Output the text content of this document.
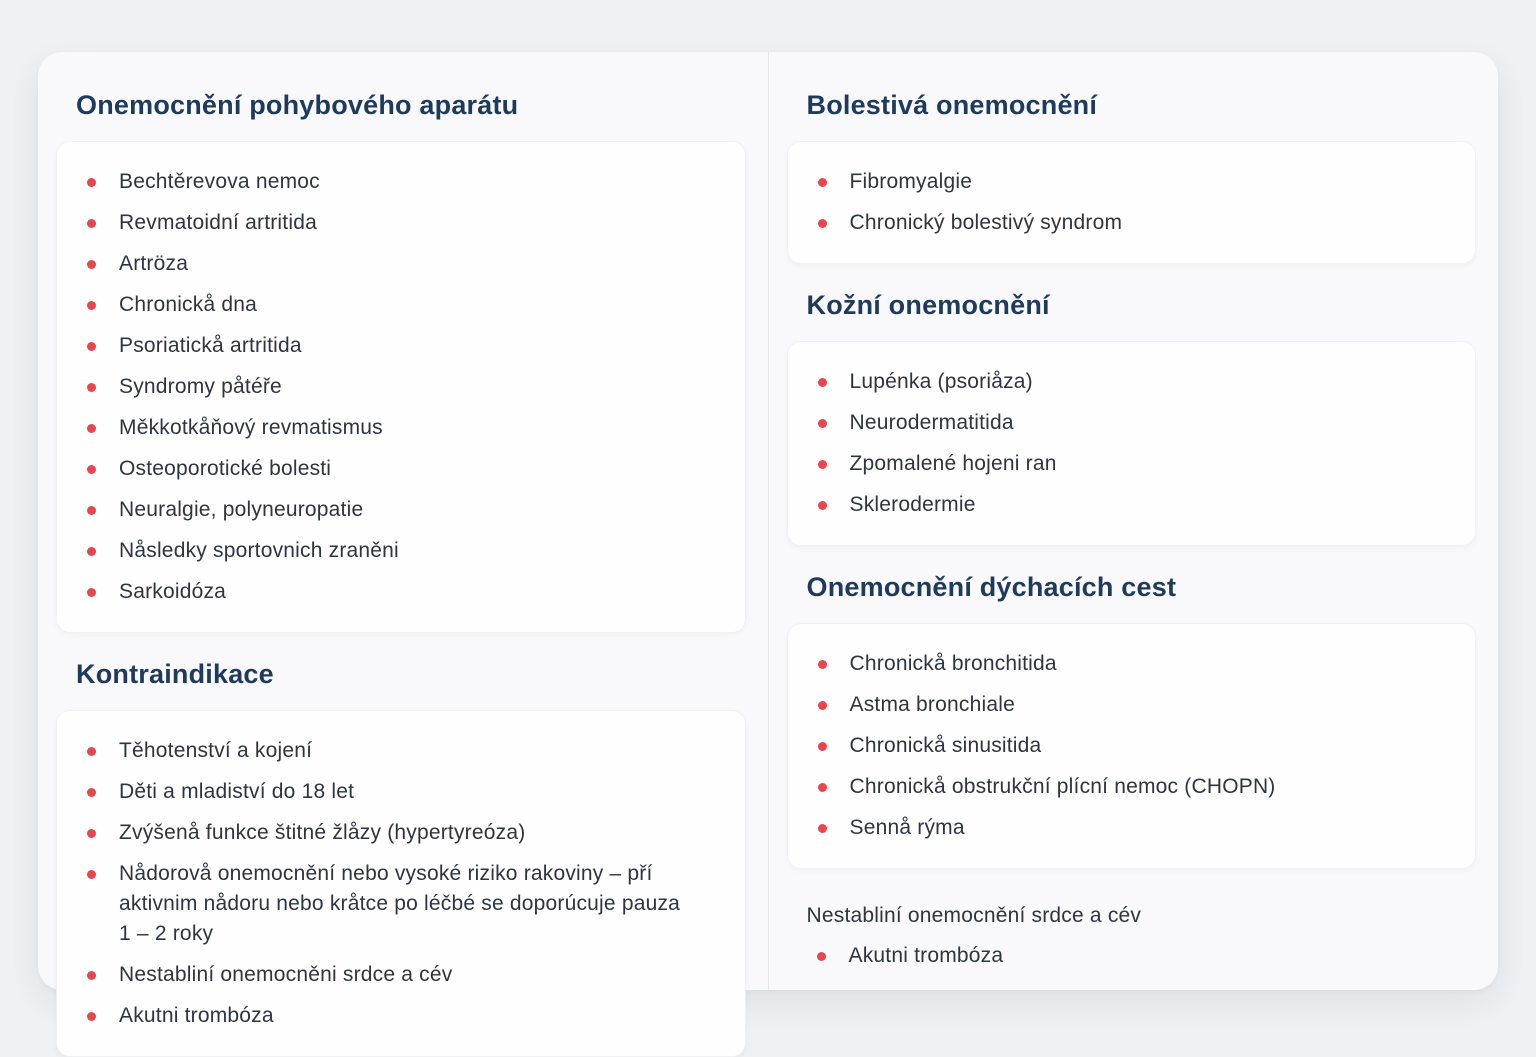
Onemocnění pohybového aparátu
Bechtěrevova nemoc
Revmatoidní artritida
Artröza
Chronickå dna
Psoriatickå artritida
Syndromy påtéře
Měkkotkåňový revmatismus
Osteoporotické bolesti
Neuralgie, polyneuropatie
Nåsledky sportovnich zraněni
Sarkoidóza
Kontraindikace
Těhotenství a kojení
Děti a mladiství do 18 let
Zvýšenå funkce štitné žlåzy (hypertyreóza)
Nådorovå onemocnění nebo vysoké riziko rakoviny – pří aktivnim nådoru nebo kråtce po léčbé se doporúcuje pauza 1 – 2 roky
Nestabliní onemocněni srdce a cév
Akutni trombóza
Bolestivá onemocnění
Fibromyalgie
Chronický bolestivý syndrom
Kožní onemocnění
Lupénka (psoriåza)
Neurodermatitida
Zpomalené hojeni ran
Sklerodermie
Onemocnění dýchacích cest
Chronickå bronchitida
Astma bronchiale
Chronickå sinusitida
Chronickå obstrukční plícní nemoc (CHOPN)
Sennå rýma

Nestabliní onemocnění srdce a cév

Akutni trombóza
